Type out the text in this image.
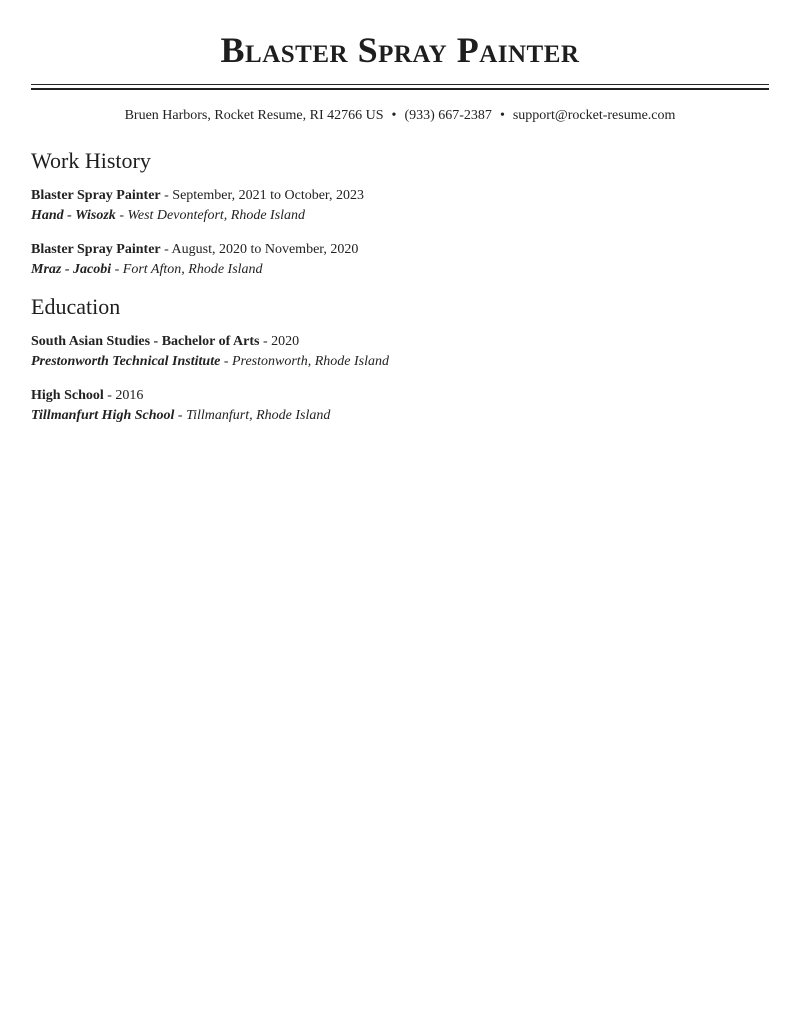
Blaster Spray Painter
Bruen Harbors, Rocket Resume, RI 42766 US • (933) 667-2387 • support@rocket-resume.com
Work History
Blaster Spray Painter - September, 2021 to October, 2023
Hand - Wisozk - West Devontefort, Rhode Island
Blaster Spray Painter - August, 2020 to November, 2020
Mraz - Jacobi - Fort Afton, Rhode Island
Education
South Asian Studies - Bachelor of Arts - 2020
Prestonworth Technical Institute - Prestonworth, Rhode Island
High School - 2016
Tillmanfurt High School - Tillmanfurt, Rhode Island
